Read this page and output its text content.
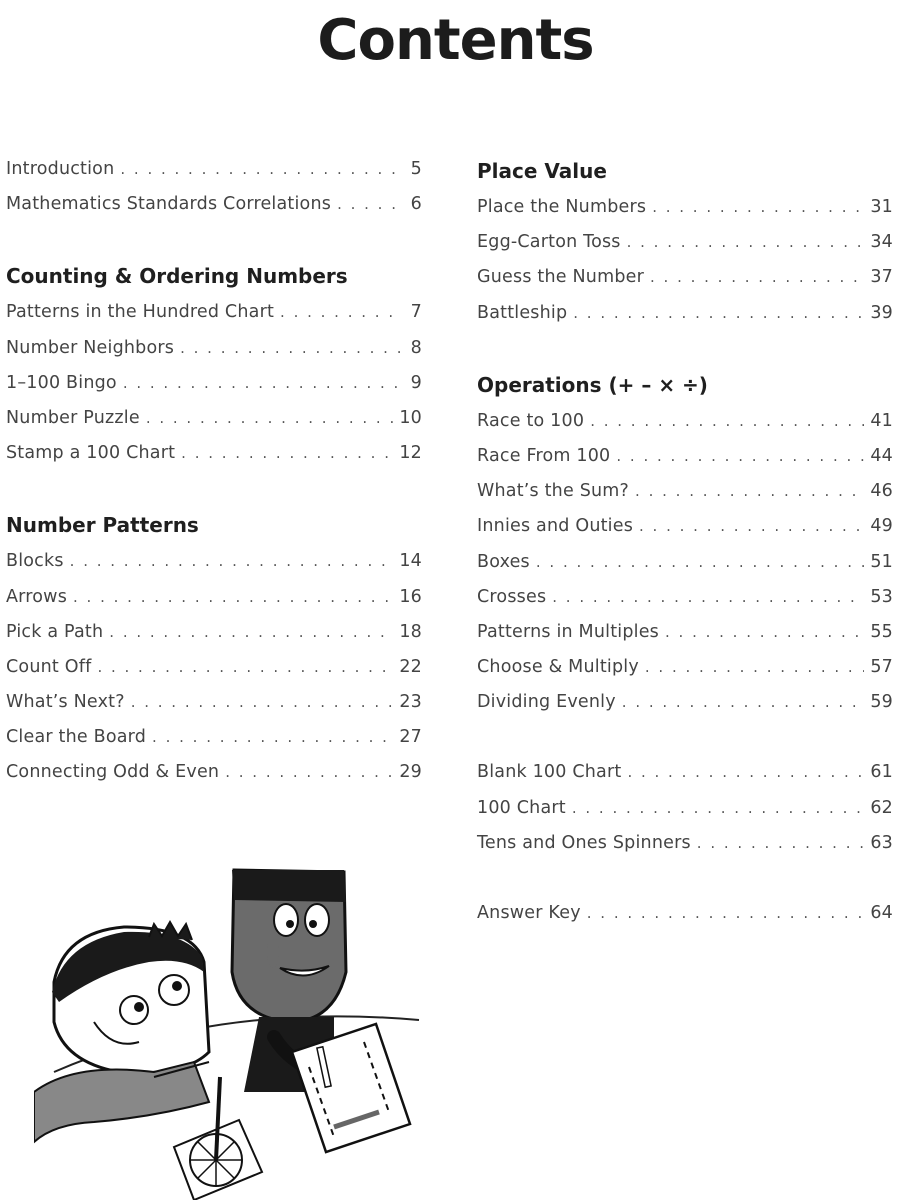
Contents
Introduction . . .	5
Mathematics Standards Correlations . . .	6
Counting & Ordering Numbers
Patterns in the Hundred Chart . . .	7
Number Neighbors . . .	8
1–100 Bingo . . .	9
Number Puzzle . . .	10
Stamp a 100 Chart . . .	12
Number Patterns
Blocks . . .	14
Arrows . . .	16
Pick a Path . . .	18
Count Off . . .	22
What’s Next? . . .	23
Clear the Board . . .	27
Connecting Odd & Even . . .	29
Place Value
Place the Numbers . . .	31
Egg-Carton Toss . . .	34
Guess the Number . . .	37
Battleship . . .	39
Operations (+ – × ÷)
Race to 100 . . .	41
Race From 100 . . .	44
What’s the Sum? . . .	46
Innies and Outies . . .	49
Boxes . . .	51
Crosses . . .	53
Patterns in Multiples . . .	55
Choose & Multiply . . .	57
Dividing Evenly . . .	59
Blank 100 Chart . . .	61
100 Chart . . .	62
Tens and Ones Spinners . . .	63
Answer Key . . .	64
